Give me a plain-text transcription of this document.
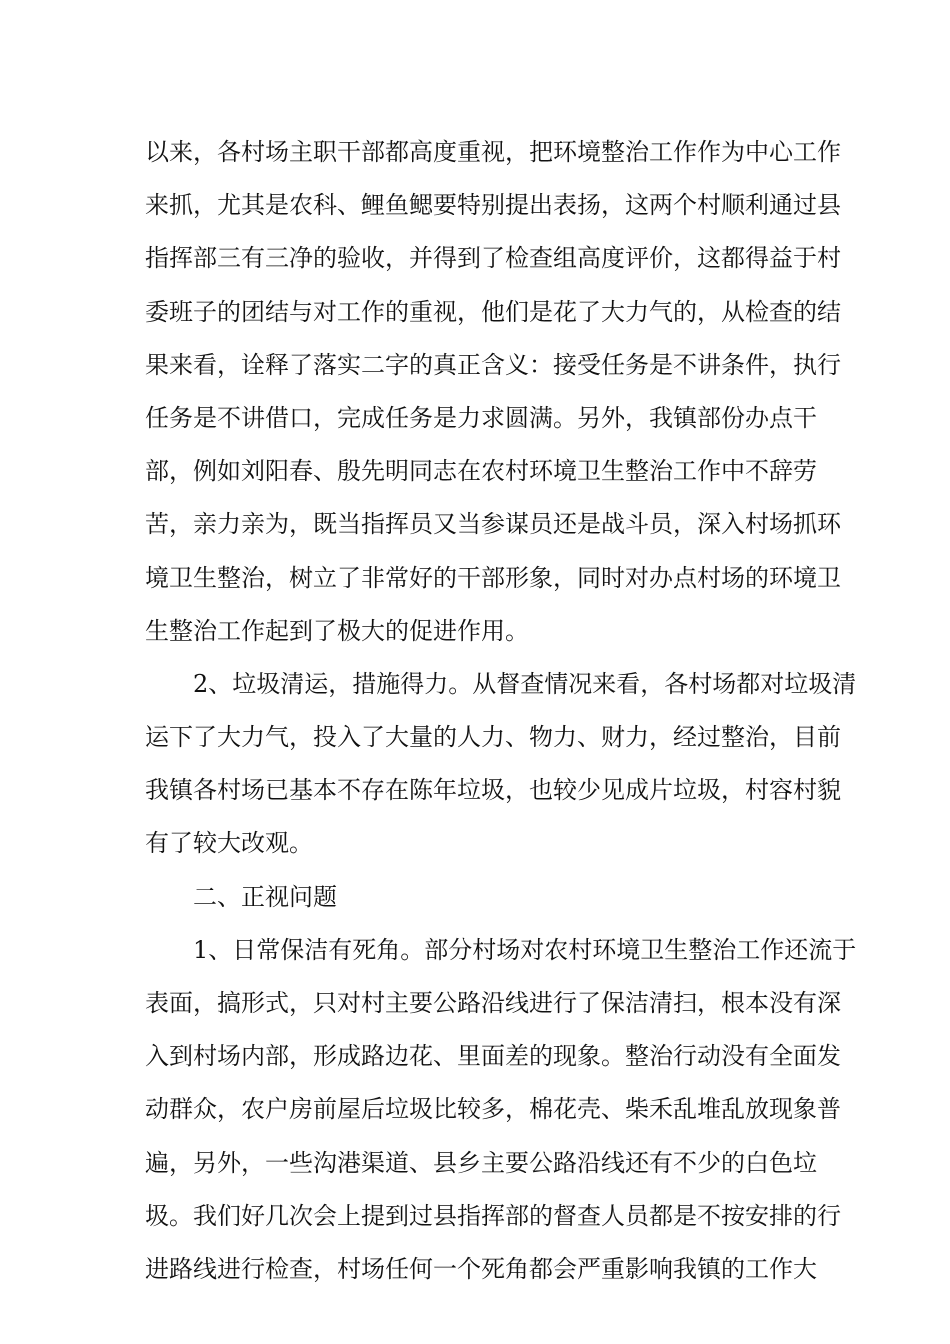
以来，各村场主职干部都高度重视，把环境整治工作作为中心工作
来抓，尤其是农科、鲤鱼鳃要特别提出表扬，这两个村顺利通过县
指挥部三有三净的验收，并得到了检查组高度评价，这都得益于村
委班子的团结与对工作的重视，他们是花了大力气的，从检查的结
果来看，诠释了落实二字的真正含义：接受任务是不讲条件，执行
任务是不讲借口，完成任务是力求圆满。另外，我镇部份办点干
部，例如刘阳春、殷先明同志在农村环境卫生整治工作中不辞劳
苦，亲力亲为，既当指挥员又当参谋员还是战斗员，深入村场抓环
境卫生整治，树立了非常好的干部形象，同时对办点村场的环境卫
生整治工作起到了极大的促进作用。
2、垃圾清运，措施得力。从督查情况来看，各村场都对垃圾清
运下了大力气，投入了大量的人力、物力、财力，经过整治，目前
我镇各村场已基本不存在陈年垃圾，也较少见成片垃圾，村容村貌
有了较大改观。
二、正视问题
1、日常保洁有死角。部分村场对农村环境卫生整治工作还流于
表面，搞形式，只对村主要公路沿线进行了保洁清扫，根本没有深
入到村场内部，形成路边花、里面差的现象。整治行动没有全面发
动群众，农户房前屋后垃圾比较多，棉花壳、柴禾乱堆乱放现象普
遍，另外，一些沟港渠道、县乡主要公路沿线还有不少的白色垃
圾。我们好几次会上提到过县指挥部的督查人员都是不按安排的行
进路线进行检查，村场任何一个死角都会严重影响我镇的工作大
